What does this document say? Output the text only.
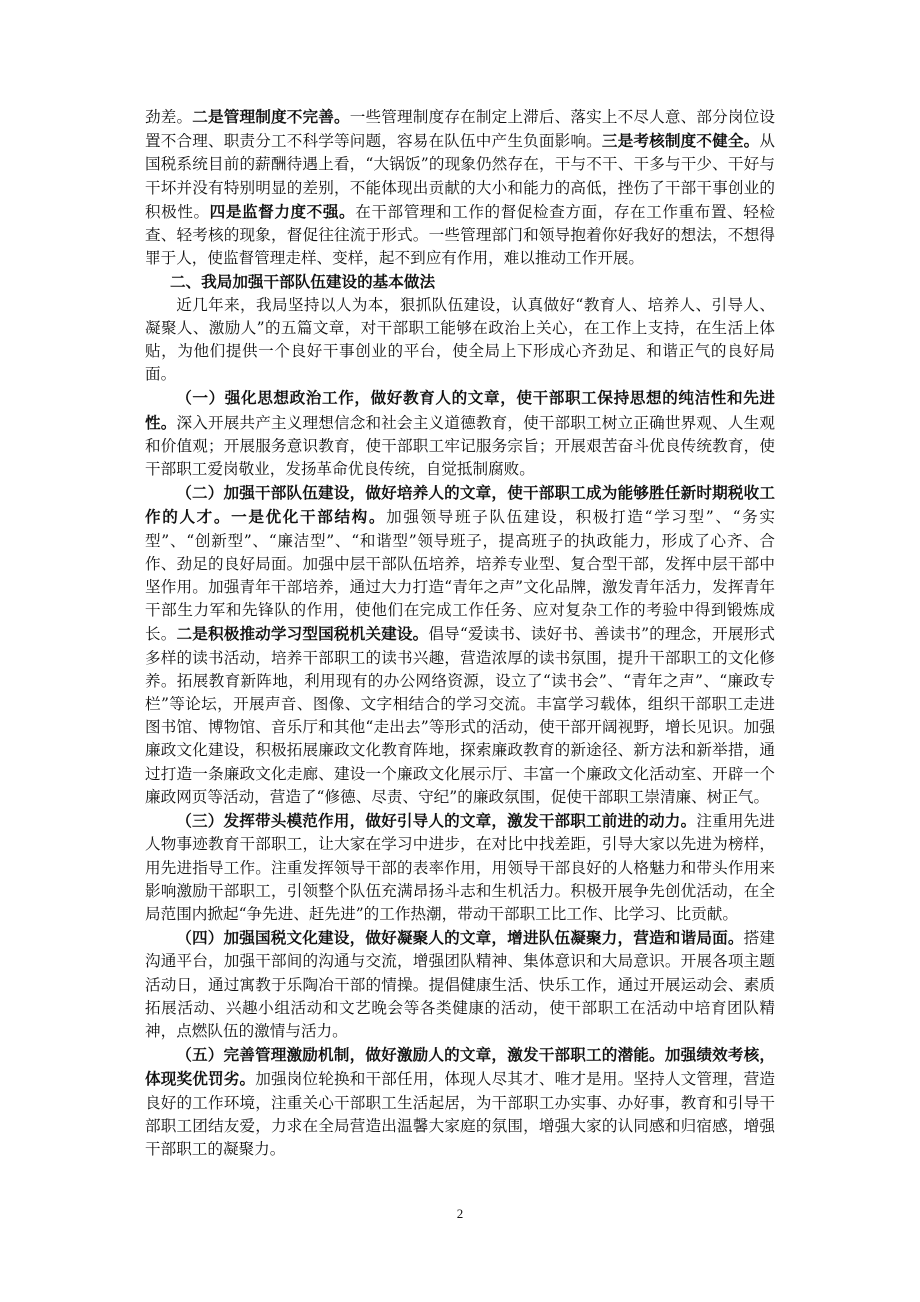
劲差。二是管理制度不完善。一些管理制度存在制定上滞后、落实上不尽人意、部分岗位设置不合理、职责分工不科学等问题，容易在队伍中产生负面影响。三是考核制度不健全。从国税系统目前的薪酬待遇上看，“大锅饭”的现象仍然存在，干与不干、干多与干少、干好与干坏并没有特别明显的差别，不能体现出贡献的大小和能力的高低，挫伤了干部干事创业的积极性。四是监督力度不强。在干部管理和工作的督促检查方面，存在工作重布置、轻检查、轻考核的现象，督促往往流于形式。一些管理部门和领导抱着你好我好的想法，不想得罪于人，使监督管理走样、变样，起不到应有作用，难以推动工作开展。

二、我局加强干部队伍建设的基本做法

近几年来，我局坚持以人为本，狠抓队伍建设，认真做好“教育人、培养人、引导人、凝聚人、激励人”的五篇文章，对干部职工能够在政治上关心，在工作上支持，在生活上体贴，为他们提供一个良好干事创业的平台，使全局上下形成心齐劲足、和谐正气的良好局面。

（一）强化思想政治工作，做好教育人的文章，使干部职工保持思想的纯洁性和先进性。深入开展共产主义理想信念和社会主义道德教育，使干部职工树立正确世界观、人生观和价值观；开展服务意识教育，使干部职工牢记服务宗旨；开展艰苦奋斗优良传统教育，使干部职工爱岗敬业，发扬革命优良传统，自觉抵制腐败。

（二）加强干部队伍建设，做好培养人的文章，使干部职工成为能够胜任新时期税收工作的人才。一是优化干部结构。加强领导班子队伍建设，积极打造“学习型”、“务实型”、“创新型”、“廉洁型”、“和谐型”领导班子，提高班子的执政能力，形成了心齐、合作、劲足的良好局面。加强中层干部队伍培养，培养专业型、复合型干部，发挥中层干部中坚作用。加强青年干部培养，通过大力打造“青年之声”文化品牌，激发青年活力，发挥青年干部生力军和先锋队的作用，使他们在完成工作任务、应对复杂工作的考验中得到锻炼成长。二是积极推动学习型国税机关建设。倡导“爱读书、读好书、善读书”的理念，开展形式多样的读书活动，培养干部职工的读书兴趣，营造浓厚的读书氛围，提升干部职工的文化修养。拓展教育新阵地，利用现有的办公网络资源，设立了“读书会”、“青年之声”、“廉政专栏”等论坛，开展声音、图像、文字相结合的学习交流。丰富学习载体，组织干部职工走进图书馆、博物馆、音乐厅和其他“走出去”等形式的活动，使干部开阔视野，增长见识。加强廉政文化建设，积极拓展廉政文化教育阵地，探索廉政教育的新途径、新方法和新举措，通过打造一条廉政文化走廊、建设一个廉政文化展示厅、丰富一个廉政文化活动室、开辟一个廉政网页等活动，营造了“修德、尽责、守纪”的廉政氛围，促使干部职工崇清廉、树正气。

（三）发挥带头模范作用，做好引导人的文章，激发干部职工前进的动力。注重用先进人物事迹教育干部职工，让大家在学习中进步，在对比中找差距，引导大家以先进为榜样，用先进指导工作。注重发挥领导干部的表率作用，用领导干部良好的人格魅力和带头作用来影响激励干部职工，引领整个队伍充满昂扬斗志和生机活力。积极开展争先创优活动，在全局范围内掀起“争先进、赶先进”的工作热潮，带动干部职工比工作、比学习、比贡献。

（四）加强国税文化建设，做好凝聚人的文章，增进队伍凝聚力，营造和谐局面。搭建沟通平台，加强干部间的沟通与交流，增强团队精神、集体意识和大局意识。开展各项主题活动日，通过寓教于乐陶冶干部的情操。提倡健康生活、快乐工作，通过开展运动会、素质拓展活动、兴趣小组活动和文艺晚会等各类健康的活动，使干部职工在活动中培育团队精神，点燃队伍的激情与活力。

（五）完善管理激励机制，做好激励人的文章，激发干部职工的潜能。加强绩效考核，体现奖优罚劣。加强岗位轮换和干部任用，体现人尽其才、唯才是用。坚持人文管理，营造良好的工作环境，注重关心干部职工生活起居，为干部职工办实事、办好事，教育和引导干部职工团结友爱，力求在全局营造出温馨大家庭的氛围，增强大家的认同感和归宿感，增强干部职工的凝聚力。

2
